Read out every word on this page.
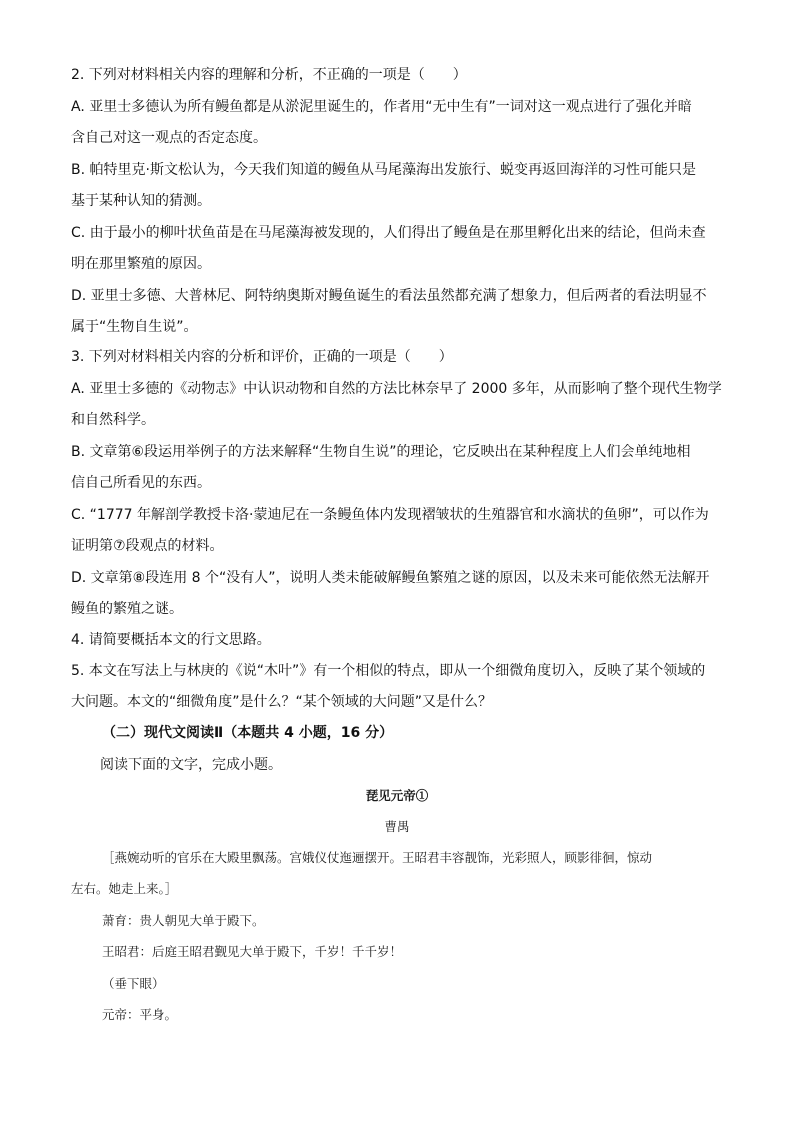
2. 下列对材料相关内容的理解和分析，不正确的一项是（　　）
A. 亚里士多德认为所有鳗鱼都是从淤泥里诞生的，作者用“无中生有”一词对这一观点进行了强化并暗
含自己对这一观点的否定态度。
B. 帕特里克·斯文松认为，今天我们知道的鳗鱼从马尾藻海出发旅行、蜕变再返回海洋的习性可能只是
基于某种认知的猜测。
C. 由于最小的柳叶状鱼苗是在马尾藻海被发现的，人们得出了鳗鱼是在那里孵化出来的结论，但尚未查
明在那里繁殖的原因。
D. 亚里士多德、大普林尼、阿特纳奥斯对鳗鱼诞生的看法虽然都充满了想象力，但后两者的看法明显不
属于“生物自生说”。
3. 下列对材料相关内容的分析和评价，正确的一项是（　　）
A. 亚里士多德的《动物志》中认识动物和自然的方法比林奈早了 2000 多年，从而影响了整个现代生物学
和自然科学。
B. 文章第⑥段运用举例子的方法来解释“生物自生说”的理论，它反映出在某种程度上人们会单纯地相
信自己所看见的东西。
C. “1777 年解剖学教授卡洛·蒙迪尼在一条鳗鱼体内发现褶皱状的生殖器官和水滴状的鱼卵”，可以作为
证明第⑦段观点的材料。
D. 文章第⑧段连用 8 个“没有人”，说明人类未能破解鳗鱼繁殖之谜的原因，以及未来可能依然无法解开
鳗鱼的繁殖之谜。
4. 请简要概括本文的行文思路。
5. 本文在写法上与林庚的《说“木叶”》有一个相似的特点，即从一个细微角度切入，反映了某个领域的
大问题。本文的“细微角度”是什么？“某个领域的大问题”又是什么？
（二）现代文阅读Ⅱ（本题共 4 小题，16 分）
阅读下面的文字，完成小题。
琵见元帝①
曹禺
［燕婉动听的官乐在大殿里飘荡。宫娥仪仗迤逦摆开。王昭君丰容靓饰，光彩照人，顾影徘徊，惊动
左右。她走上来。］
萧育：贵人朝见大单于殿下。
王昭君：后庭王昭君觐见大单于殿下，千岁！千千岁！
（垂下眼）
元帝：平身。
